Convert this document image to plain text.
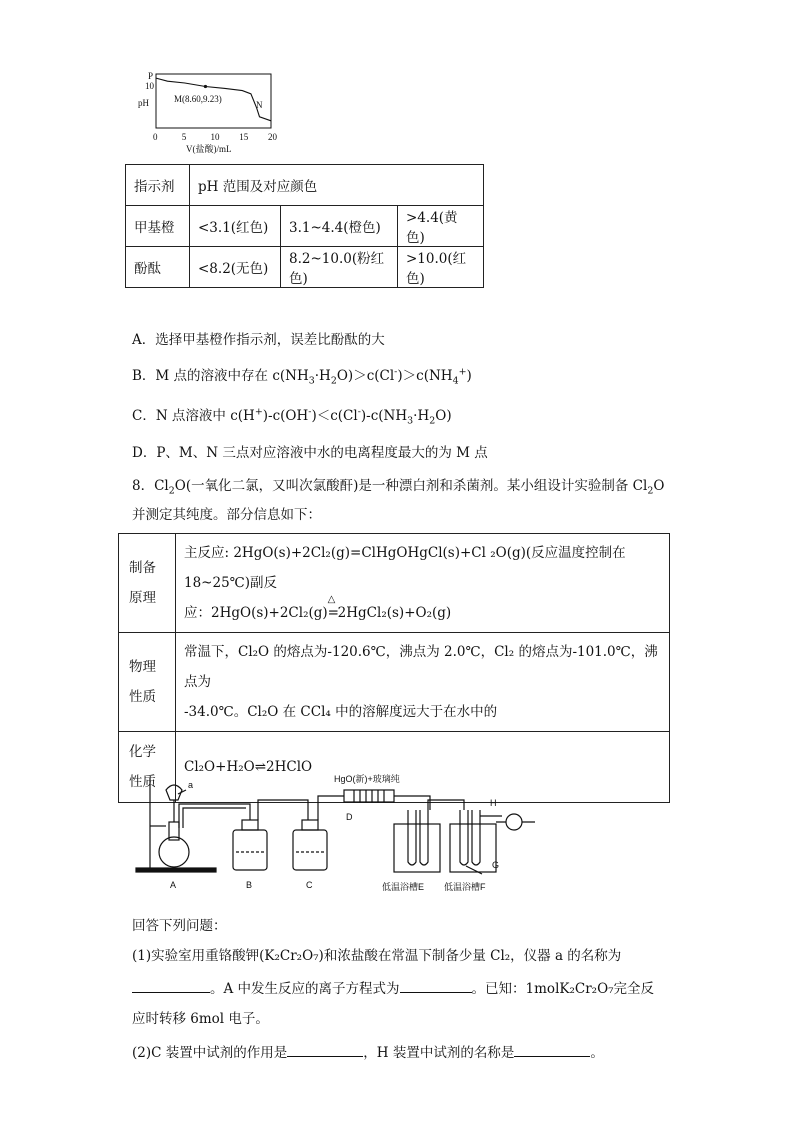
pH
10
P
M(8.60,9.23)
N
0	5	10 15 20
V(盐酸)/mL
指示剂	pH 范围及对应颜色		
甲基橙	<3.1(红色)	3.1~4.4(橙色)	>4.4(黄色)
酚酞	<8.2(无色)	8.2~10.0(粉红色)	>10.0(红色)
A．选择甲基橙作指示剂，误差比酚酞的大
B．M 点的溶液中存在 $c(NH_3\cdot H_2O)>c(Cl^-)>c(NH_4^+)$
C．N 点溶液中 $c(H^+)-c(OH^-)<c(Cl^-)-c(NH_3\cdot H_2O)$
D．P、M、N 三点对应溶液中水的电离程度最大的为 M 点
8．$Cl_2O$(一氧化二氯，又叫次氯酸酐)是一种漂白剂和杀菌剂。某小组设计实验制备 $Cl_2O$
并测定其纯度。部分信息如下：
制备原理	主反应: 2HgO(s)+2Cl₂(g)=ClHgOHgCl(s)+Cl ₂O(g)(反应温度控制在 18~25℃)副反
应：2HgO(s)+2Cl₂(g)
△
=2HgCl₂(s)+O₂(g)

物理性质	常温下，Cl₂O 的熔点为-120.6℃，沸点为 2.0℃，Cl₂ 的熔点为-101.0℃，沸点为
-34.0℃。Cl₂O 在 CCl₄ 中的溶解度远大于在水中的

化学性质	Cl₂O+H₂O⇌2HClO
a
HgO(新)+玻璃纯
A	B	C
D
低温浴槽E 低温浴槽F
H
G
回答下列问题：
(1)实验室用重铬酸钾(K₂Cr₂O₇)和浓盐酸在常温下制备少量 Cl₂，仪器 a 的名称为
。A 中发生反应的离子方程式为	。已知：1molK₂Cr₂O₇完全反
应时转移 6mol 电子。
(2)C 装置中试剂的作用是	，H 装置中试剂的名称是	。
